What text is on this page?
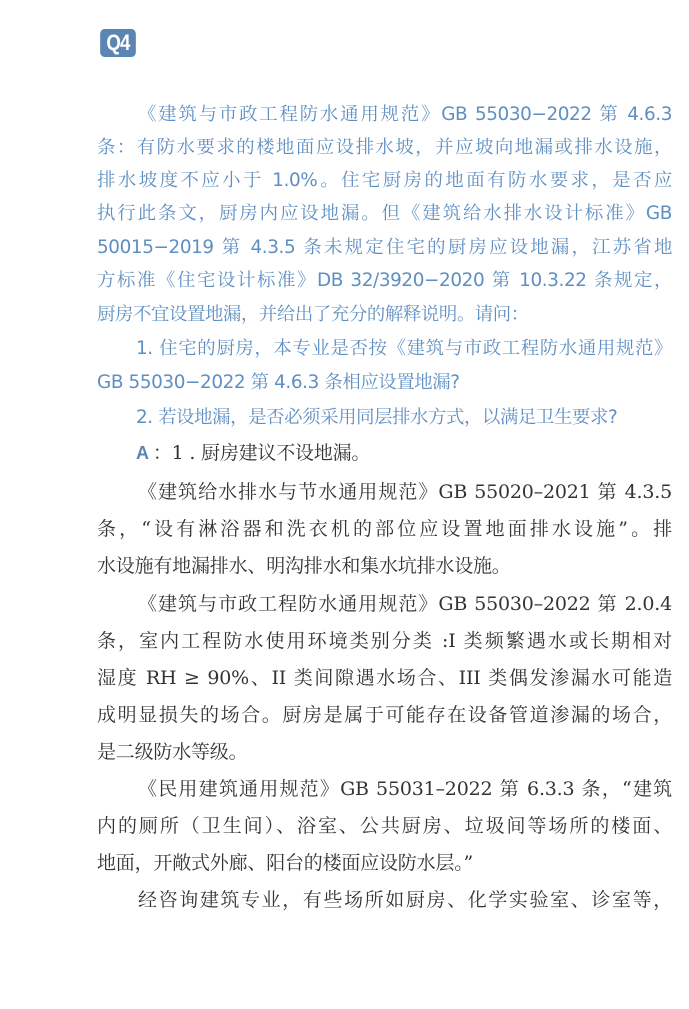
Q4
《建筑与市政工程防水通用规范》GB 55030−2022 第 4.6.3
条：有防水要求的楼地面应设排水坡，并应坡向地漏或排水设施，
排水坡度不应小于 1.0%。住宅厨房的地面有防水要求，是否应
执行此条文，厨房内应设地漏。但《建筑给水排水设计标准》GB
50015−2019 第 4.3.5 条未规定住宅的厨房应设地漏，江苏省地
方标准《住宅设计标准》DB 32/3920−2020 第 10.3.22 条规定，
厨房不宜设置地漏，并给出了充分的解释说明。请问：
1. 住宅的厨房，本专业是否按《建筑与市政工程防水通用规范》
GB 55030−2022 第 4.6.3 条相应设置地漏?
2. 若设地漏，是否必须采用同层排水方式，以满足卫生要求?
A ：1 . 厨房建议不设地漏。
《建筑给水排水与节水通用规范》GB 55020–2021 第 4.3.5
条，“设有淋浴器和洗衣机的部位应设置地面排水设施”。排
水设施有地漏排水、明沟排水和集水坑排水设施。
《建筑与市政工程防水通用规范》GB 55030–2022 第 2.0.4
条，室内工程防水使用环境类别分类 :I 类频繁遇水或长期相对
湿度 RH ≥ 90%、II 类间隙遇水场合、III 类偶发渗漏水可能造
成明显损失的场合。厨房是属于可能存在设备管道渗漏的场合，
是二级防水等级。
《民用建筑通用规范》GB 55031–2022 第 6.3.3 条，“建筑
内的厕所（卫生间）、浴室、公共厨房、垃圾间等场所的楼面、
地面，开敞式外廊、阳台的楼面应设防水层。”
经咨询建筑专业，有些场所如厨房、化学实验室、诊室等，
